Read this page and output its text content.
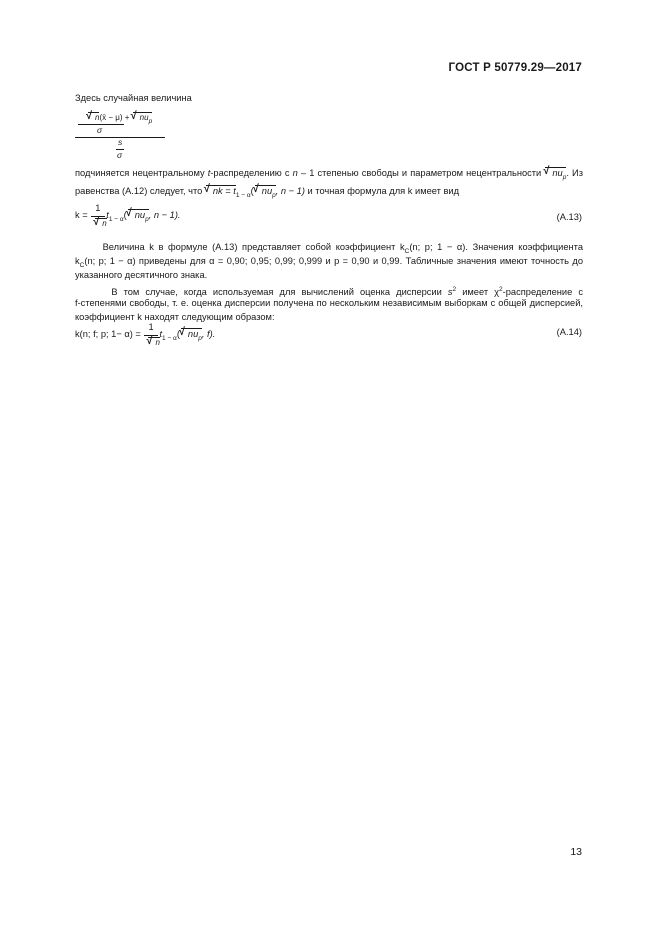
ГОСТ Р 50779.29—2017
Здесь случайная величина
√ n(x̄ − μ) + √ $nu_p$
σ
s
σ
подчиняется нецентральному t-распределению с n – 1 степенью свободы и параметром нецентральности √ $nu_p$. Из
равенства (А.12) следует, что √ nk = $t_{1 - \alpha}$( √ $nu_p$, n − 1) и точная формула для k имеет вид
k = 1
√ n $t_{1 - \alpha}$( √ $nu_p$, n − 1).	(А.13)
Величина k в формуле (А.13) представляет собой коэффициент $k_C(n$; p; 1 − α). Значения коэффициента
$k_C(n$; p; 1 − α) приведены для α = 0,90; 0,95; 0,99; 0,999 и p = 0,90 и 0,99. Табличные значения имеют точность до
указанного десятичного знака.
В том случае, когда используемая для вычислений оценка дисперсии $s^2$ имеет $\chi^2$-распределение с
f-степенями свободы, т. е. оценка дисперсии получена по нескольким независимым выборкам с общей дисперсией,
коэффициент k находят следующим образом:
k(n; f; p; 1− α) = 1
√ n $t_{1 - \alpha}$( √ $nu_p$, f).	(А.14)
13
